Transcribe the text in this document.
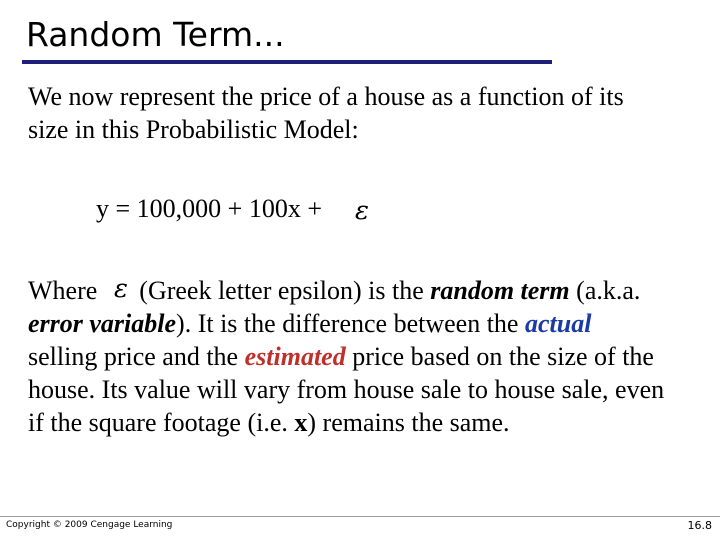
Random Term...
We now represent the price of a house as a function of its
size in this Probabilistic Model:
y = 100,000 + 100x + ε
Where (Greek letter epsilon) is the random term (a.k.a.
ε
error variable). It is the difference between the actual
selling price and the estimated price based on the size of the
house. Its value will vary from house sale to house sale, even
if the square footage (i.e. x) remains the same.
Copyright © 2009 Cengage Learning	16.8
